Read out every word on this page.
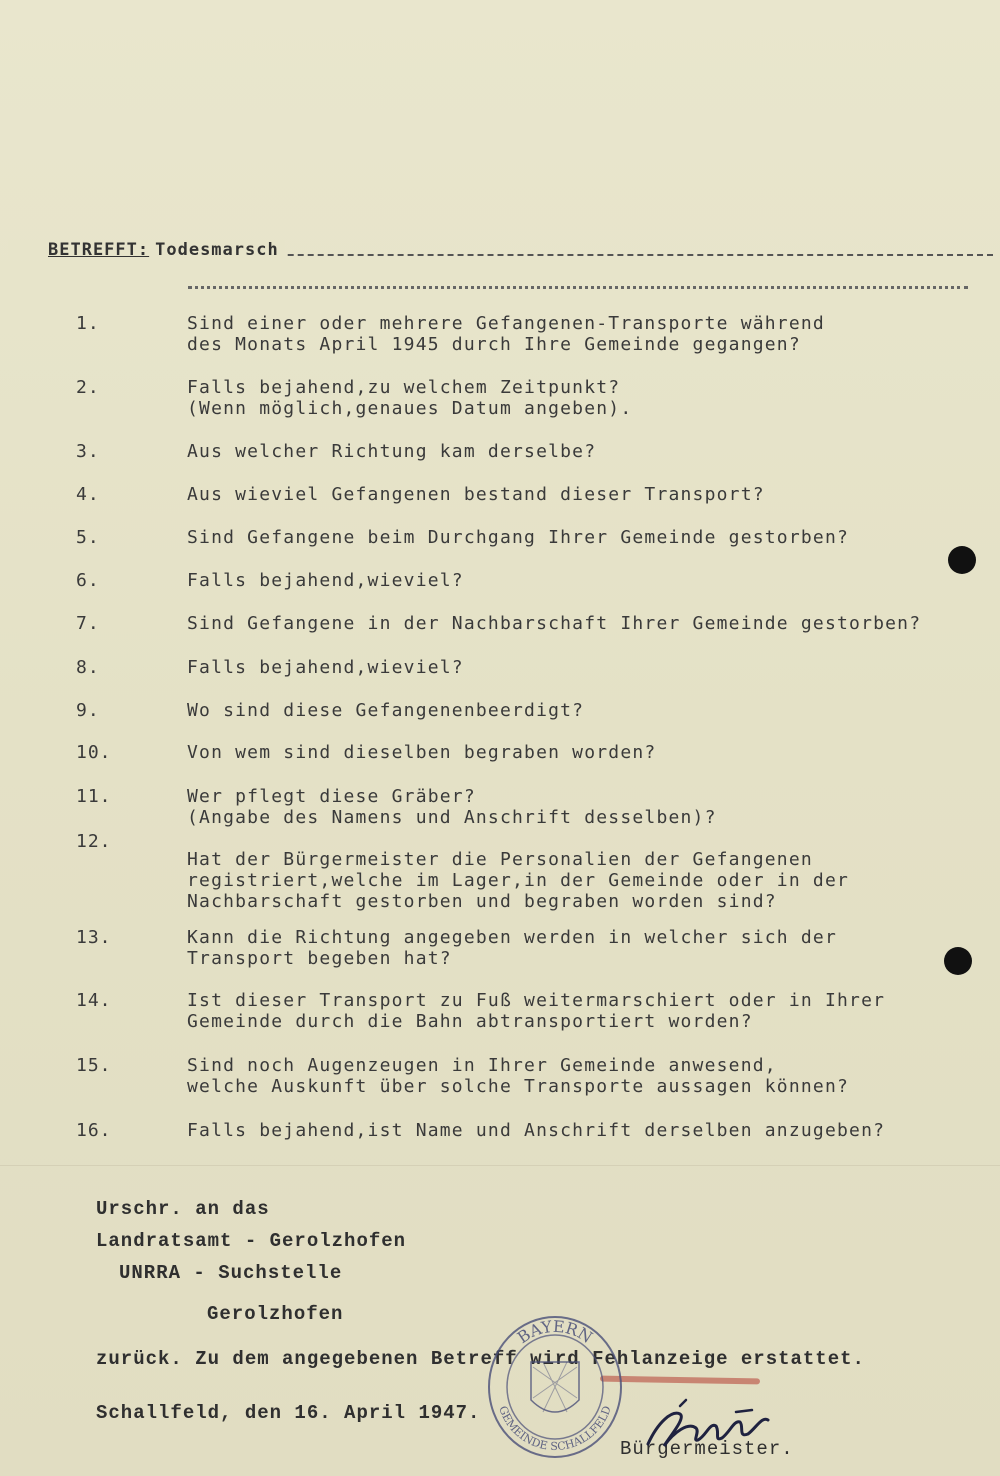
BETREFFT: Todesmarsch
1.	Sind einer oder mehrere Gefangenen-Transporte während
des Monats April 1945 durch Ihre Gemeinde gegangen?
2.	Falls bejahend,zu welchem Zeitpunkt?
(Wenn möglich,genaues Datum angeben).
3.	Aus welcher Richtung kam derselbe?
4.	Aus wieviel Gefangenen bestand dieser Transport?
5.	Sind Gefangene beim Durchgang Ihrer Gemeinde gestorben?
6.	Falls bejahend,wieviel?
7.	Sind Gefangene in der Nachbarschaft Ihrer Gemeinde gestorben?
8.	Falls bejahend,wieviel?
9.	Wo sind diese Gefangenenbeerdigt?
10.	Von wem sind dieselben begraben worden?
11.	Wer pflegt diese Gräber?
(Angabe des Namens und Anschrift desselben)?
12.
Hat der Bürgermeister die Personalien der Gefangenen
registriert,welche im Lager,in der Gemeinde oder in der
Nachbarschaft gestorben und begraben worden sind?
13.	Kann die Richtung angegeben werden in welcher sich der
Transport begeben hat?
14.	Ist dieser Transport zu Fuß weitermarschiert oder in Ihrer
Gemeinde durch die Bahn abtransportiert worden?
15.	Sind noch Augenzeugen in Ihrer Gemeinde anwesend,
welche Auskunft über solche Transporte aussagen können?
16.	Falls bejahend,ist Name und Anschrift derselben anzugeben?
Urschr. an das
Landratsamt - Gerolzhofen
UNRRA - Suchstelle
Gerolzhofen
zurück. Zu dem angegebenen Betreff wird Fehlanzeige erstattet.
Schallfeld, den 16. April 1947.
Bürgermeister.
BAYERN
GEMEINDE SCHALLFELD
